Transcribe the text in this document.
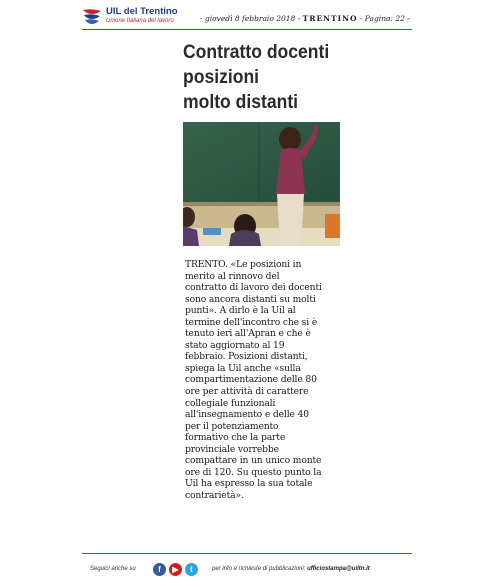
UIL del Trentino
Unione Italiana del lavoro	- giovedì 8 febbraio 2018 - TRENTINO - Pagina: 22 -
Contratto docenti
posizioni
molto distanti
TRENTO. «Le posizioni in
merito al rinnovo del
contratto di lavoro dei docenti
sono ancora distanti su molti
punti». A dirlo è la Uil al
termine dell'incontro che si è
tenuto ieri all'Apran e che è
stato aggiornato al 19
febbraio. Posizioni distanti,
spiega la Uil anche «sulla
compartimentazione delle 80
ore per attività di carattere
collegiale funzionali
all'insegnamento e delle 40
per il potenziamento
formativo che la parte
provinciale vorrebbe
compattare in un unico monte
ore di 120. Su questo punto la
Uil ha espresso la sua totale
contrarietà».
Seguici anche su	f	▶	t	per info e richieste di pubblicazioni: ufficiostampa@uiltn.it
